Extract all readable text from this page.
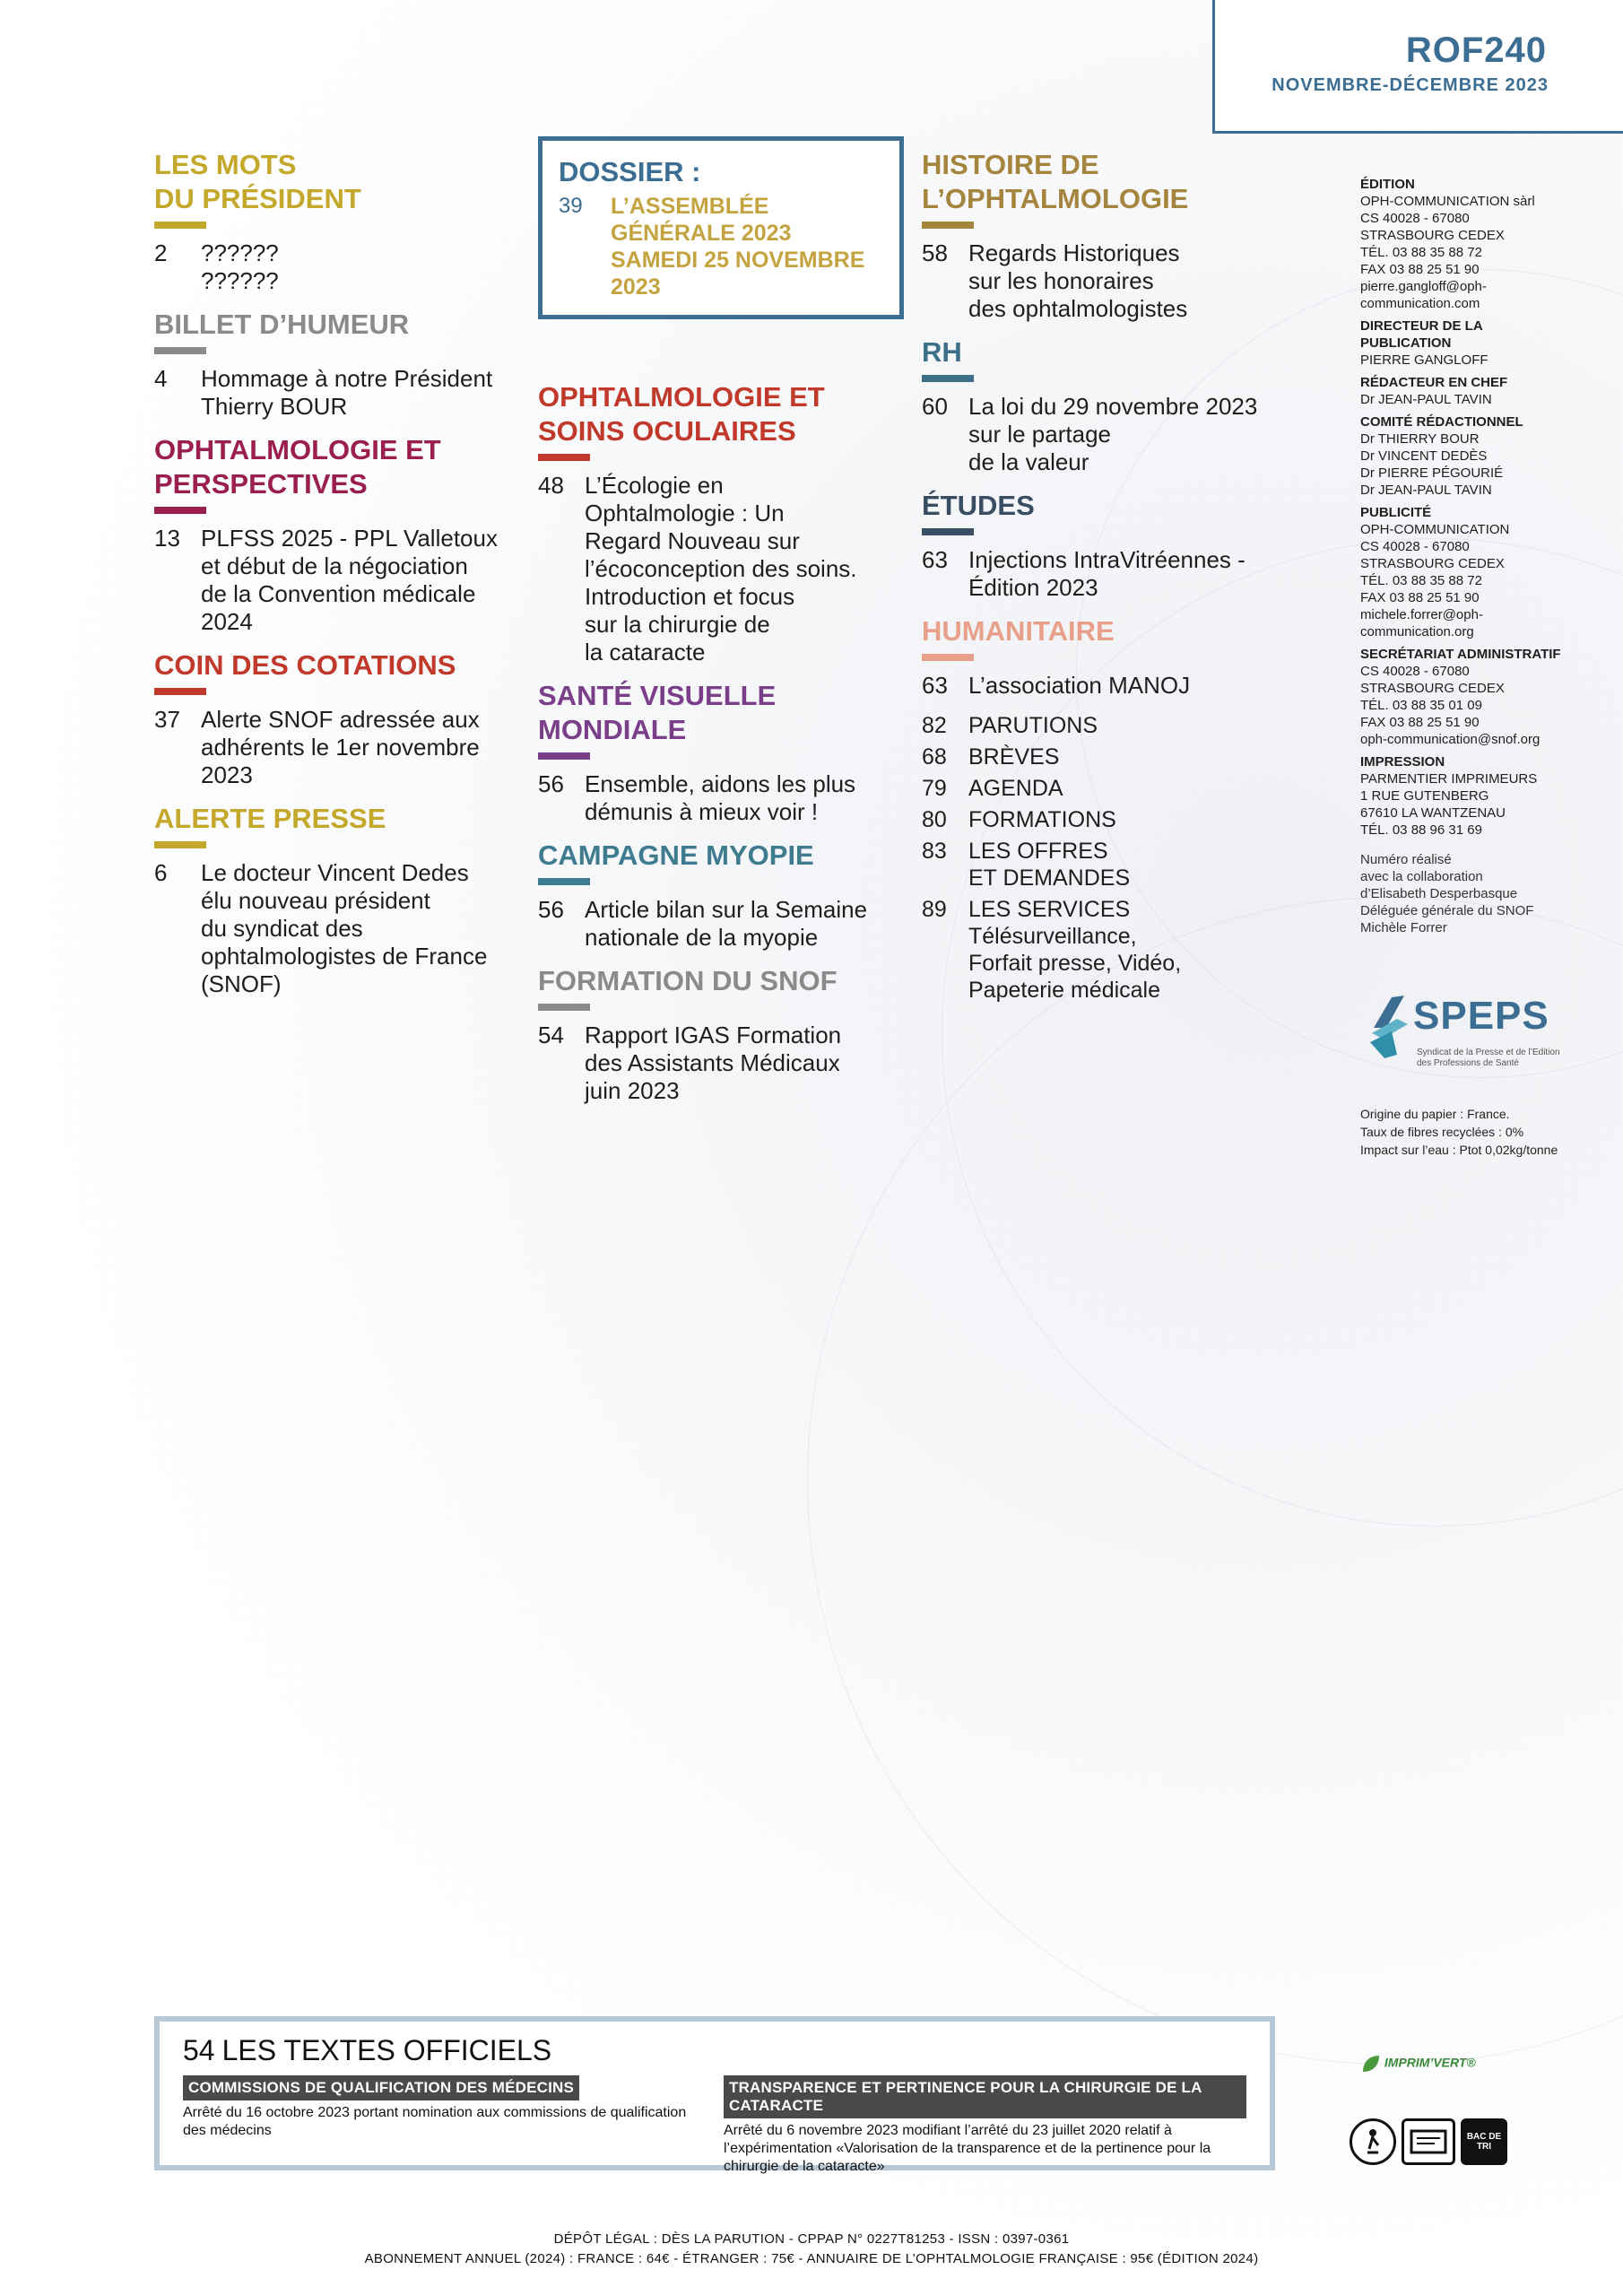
ROF240
NOVEMBRE-DÉCEMBRE 2023
LES MOTS
DU PRÉSIDENT
2	??????
??????
BILLET D’HUMEUR
4	Hommage à notre Président
Thierry BOUR
OPHTALMOLOGIE ET
PERSPECTIVES
13 PLFSS 2025 - PPL Valletoux
et début de la négociation
de la Convention médicale
2024
COIN DES COTATIONS
37 Alerte SNOF adressée aux
adhérents le 1er novembre
2023
ALERTE PRESSE
6	Le docteur Vincent Dedes
élu nouveau président
du syndicat des
ophtalmologistes de France
(SNOF)
DOSSIER :
39	L’ASSEMBLÉE
GÉNÉRALE 2023
SAMEDI 25 NOVEMBRE
2023
OPHTALMOLOGIE ET
SOINS OCULAIRES
48 L’Écologie en
Ophtalmologie : Un
Regard Nouveau sur
l’écoconception des soins.
Introduction et focus
sur la chirurgie de
la cataracte
SANTÉ VISUELLE
MONDIALE
56 Ensemble, aidons les plus
démunis à mieux voir !
CAMPAGNE MYOPIE
56 Article bilan sur la Semaine
nationale de la myopie
FORMATION DU SNOF
54 Rapport IGAS Formation
des Assistants Médicaux
juin 2023
HISTOIRE DE
L’OPHTALMOLOGIE
58 Regards Historiques
sur les honoraires
des ophtalmologistes
RH
60 La loi du 29 novembre 2023
sur le partage
de la valeur
ÉTUDES
63 Injections IntraVitréennes -
Édition 2023
HUMANITAIRE
63 L’association MANOJ
82 PARUTIONS
68 BRÈVES
79 AGENDA
80 FORMATIONS
83 LES OFFRES
ET DEMANDES
89 LES SERVICES
Télésurveillance,
Forfait presse, Vidéo,
Papeterie médicale
ÉDITION
OPH-COMMUNICATION sàrl
CS 40028 - 67080
STRASBOURG CEDEX
TÉL. 03 88 35 88 72
FAX 03 88 25 51 90
pierre.gangloff@oph-
communication.com
DIRECTEUR DE LA
PUBLICATION
PIERRE GANGLOFF
RÉDACTEUR EN CHEF
Dr JEAN-PAUL TAVIN
COMITÉ RÉDACTIONNEL
Dr THIERRY BOUR
Dr VINCENT DEDÈS
Dr PIERRE PÉGOURIÉ
Dr JEAN-PAUL TAVIN
PUBLICITÉ
OPH-COMMUNICATION
CS 40028 - 67080
STRASBOURG CEDEX
TÉL. 03 88 35 88 72
FAX 03 88 25 51 90
michele.forrer@oph-
communication.org
SECRÉTARIAT ADMINISTRATIF
CS 40028 - 67080
STRASBOURG CEDEX
TÉL. 03 88 35 01 09
FAX 03 88 25 51 90
oph-communication@snof.org
IMPRESSION
PARMENTIER IMPRIMEURS
1 RUE GUTENBERG
67610 LA WANTZENAU
TÉL. 03 88 96 31 69
Numéro réalisé
avec la collaboration
d’Elisabeth Desperbasque
Déléguée générale du SNOF
Michèle Forrer
SPEPS
Syndicat de la Presse et de l’Edition
des Professions de Santé
Origine du papier : France.
Taux de fibres recyclées : 0%
Impact sur l’eau : Ptot 0,02kg/tonne
54 LES TEXTES OFFICIELS
COMMISSIONS DE QUALIFICATION DES MÉDECINS
Arrêté du 16 octobre 2023 portant nomination aux commissions de qualification des médecins
TRANSPARENCE ET PERTINENCE POUR LA CHIRURGIE DE LA CATARACTE
Arrêté du 6 novembre 2023 modifiant l’arrêté du 23 juillet 2020 relatif à l’expérimentation «Valorisation de la transparence et de la pertinence pour la chirurgie de la cataracte»
IMPRIM’VERT®
BAC DE TRI
DÉPÔT LÉGAL : DÈS LA PARUTION - CPPAP N° 0227T81253 - ISSN : 0397-0361
ABONNEMENT ANNUEL (2024) : FRANCE : 64€ - ÉTRANGER : 75€ - ANNUAIRE DE L’OPHTALMOLOGIE FRANÇAISE : 95€ (ÉDITION 2024)
